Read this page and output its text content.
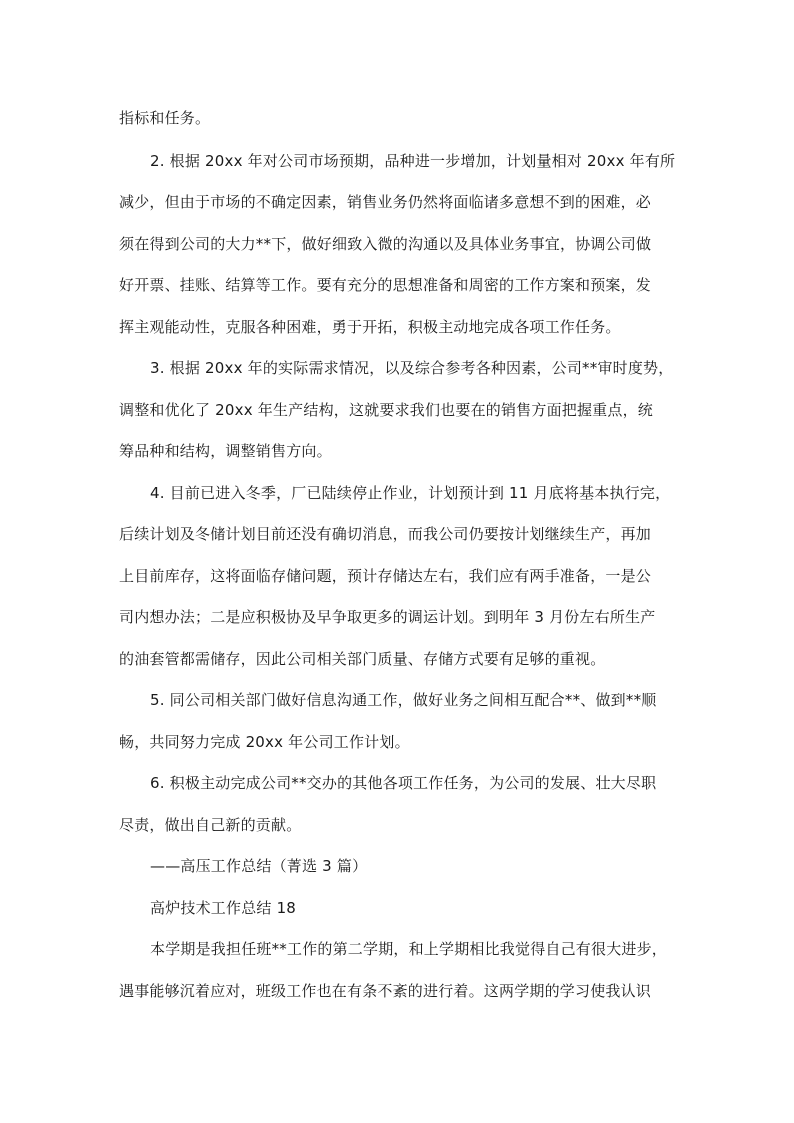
指标和任务。
2. 根据 20xx 年对公司市场预期，品种进一步增加，计划量相对 20xx 年有所
减少，但由于市场的不确定因素，销售业务仍然将面临诸多意想不到的困难，必
须在得到公司的大力**下，做好细致入微的沟通以及具体业务事宜，协调公司做
好开票、挂账、结算等工作。要有充分的思想准备和周密的工作方案和预案，发
挥主观能动性，克服各种困难，勇于开拓，积极主动地完成各项工作任务。
3. 根据 20xx 年的实际需求情况，以及综合参考各种因素，公司**审时度势，
调整和优化了 20xx 年生产结构，这就要求我们也要在的销售方面把握重点，统
筹品种和结构，调整销售方向。
4. 目前已进入冬季，厂已陆续停止作业，计划预计到 11 月底将基本执行完，
后续计划及冬储计划目前还没有确切消息，而我公司仍要按计划继续生产，再加
上目前库存，这将面临存储问题，预计存储达左右，我们应有两手准备，一是公
司内想办法；二是应积极协及早争取更多的调运计划。到明年 3 月份左右所生产
的油套管都需储存，因此公司相关部门质量、存储方式要有足够的重视。
5. 同公司相关部门做好信息沟通工作，做好业务之间相互配合**、做到**顺
畅，共同努力完成 20xx 年公司工作计划。
6. 积极主动完成公司**交办的其他各项工作任务，为公司的发展、壮大尽职
尽责，做出自己新的贡献。
——高压工作总结（菁选 3 篇）
高炉技术工作总结 18
本学期是我担任班**工作的第二学期，和上学期相比我觉得自己有很大进步，
遇事能够沉着应对，班级工作也在有条不紊的进行着。这两学期的学习使我认识
